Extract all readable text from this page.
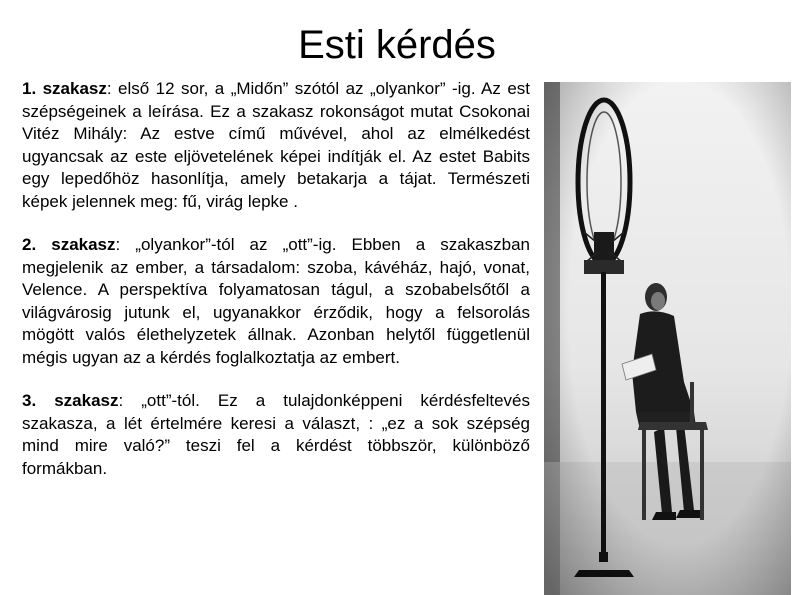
Esti kérdés

1. szakasz: első 12 sor, a „Midőn” szótól az „olyankor” -ig. Az est szépségeinek a leírása. Ez a szakasz rokonságot mutat Csokonai Vitéz Mihály: Az estve című művével, ahol az elmélkedést ugyancsak az este eljövetelének képei indítják el. Az estet Babits egy lepedőhöz hasonlítja, amely betakarja a tájat. Természeti képek jelennek meg: fű, virág lepke .

2. szakasz: „olyankor”-tól az „ott”-ig. Ebben a szakaszban megjelenik az ember, a társadalom: szoba, kávéház, hajó, vonat, Velence. A perspektíva folyamatosan tágul, a szobabelsőtől a világvárosig jutunk el, ugyanakkor érződik, hogy a felsorolás mögött valós élethelyzetek állnak. Azonban helytől függetlenül mégis ugyan az a kérdés foglalkoztatja az embert.

3. szakasz: „ott”-tól. Ez a tulajdonképpeni kérdésfeltevés szakasza, a lét értelmére keresi a választ, : „ez a sok szépség mind mire való?” teszi fel a kérdést többször, különböző formákban.
